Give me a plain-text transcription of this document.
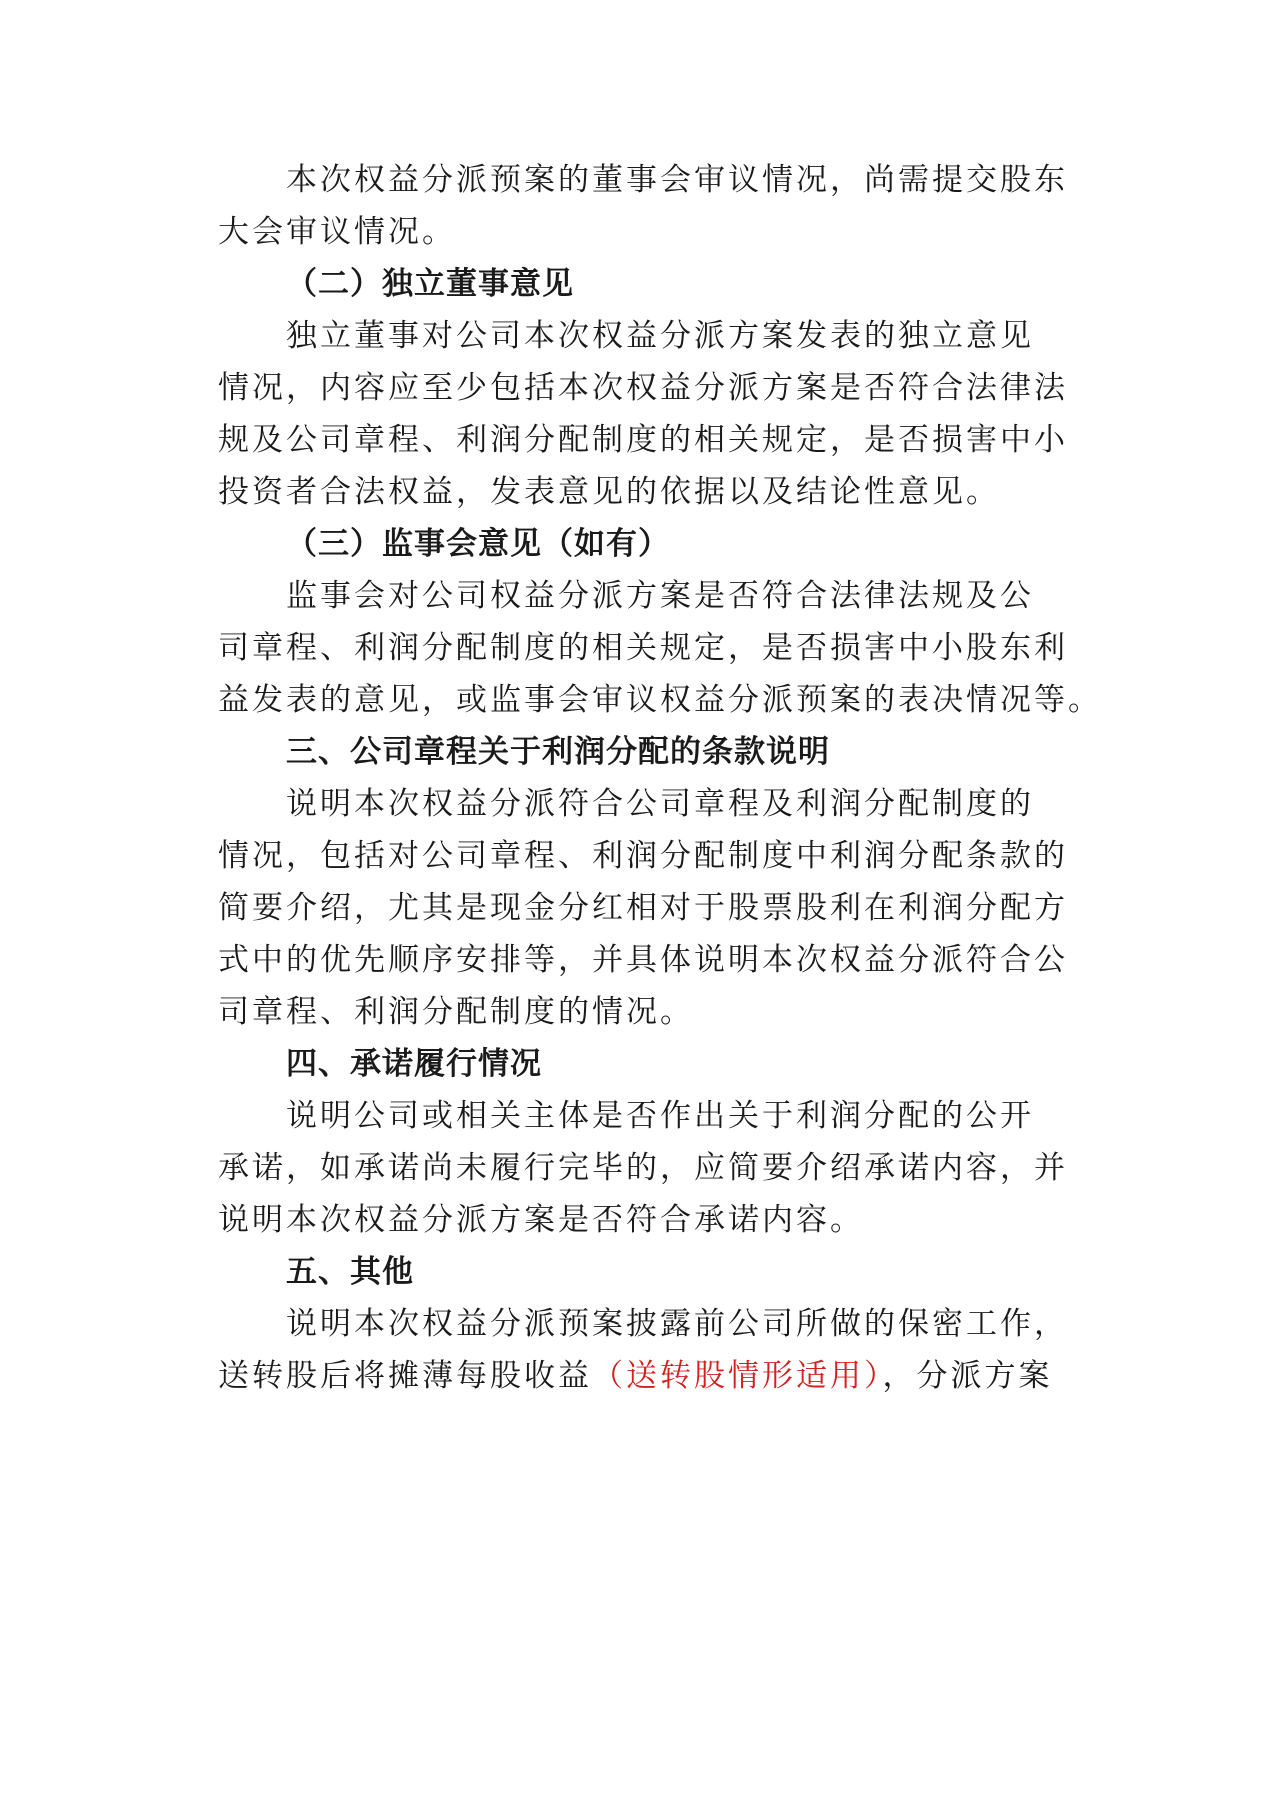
本次权益分派预案的董事会审议情况，尚需提交股东
大会审议情况。
（二）独立董事意见
独立董事对公司本次权益分派方案发表的独立意见
情况，内容应至少包括本次权益分派方案是否符合法律法
规及公司章程、利润分配制度的相关规定，是否损害中小
投资者合法权益，发表意见的依据以及结论性意见。
（三）监事会意见（如有）
监事会对公司权益分派方案是否符合法律法规及公
司章程、利润分配制度的相关规定，是否损害中小股东利
益发表的意见，或监事会审议权益分派预案的表决情况等。
三、公司章程关于利润分配的条款说明
说明本次权益分派符合公司章程及利润分配制度的
情况，包括对公司章程、利润分配制度中利润分配条款的
简要介绍，尤其是现金分红相对于股票股利在利润分配方
式中的优先顺序安排等，并具体说明本次权益分派符合公
司章程、利润分配制度的情况。
四、承诺履行情况
说明公司或相关主体是否作出关于利润分配的公开
承诺，如承诺尚未履行完毕的，应简要介绍承诺内容，并
说明本次权益分派方案是否符合承诺内容。
五、其他
说明本次权益分派预案披露前公司所做的保密工作，
送转股后将摊薄每股收益（送转股情形适用），分派方案
